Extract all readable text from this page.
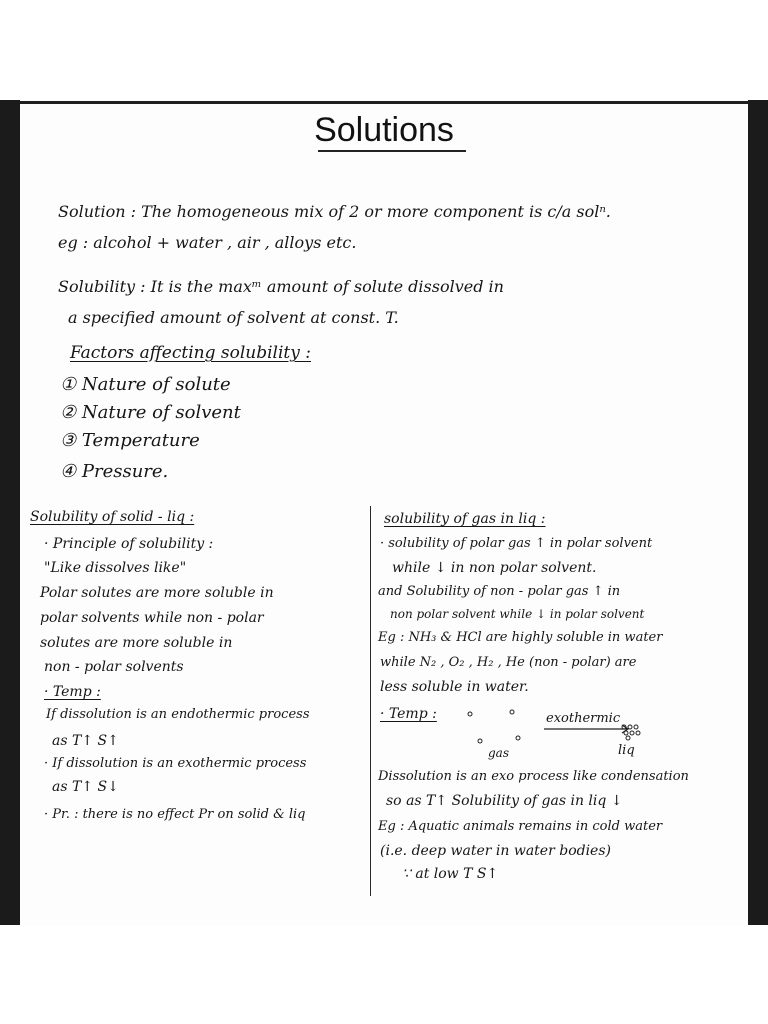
Solutions

Solution : The homogeneous mix of 2 or more component is c/a solⁿ.

eg : alcohol + water , air , alloys etc.

Solubility : It is the maxᵐ amount of solute dissolved in

a specified amount of solvent at const. T.

Factors affecting solubility :

① Nature of solute

② Nature of solvent

③ Temperature

④ Pressure.

Solubility of solid - liq :

· Principle of solubility :

"Like dissolves like"

Polar solutes are more soluble in

polar solvents while non - polar

solutes are more soluble in

non - polar solvents

· Temp :

If dissolution is an endothermic process

as T↑ S↑

· If dissolution is an exothermic process

as T↑ S↓

· Pr. : there is no effect Pr on solid & liq

solubility of gas in liq :

· solubility of polar gas ↑ in polar solvent

while ↓ in non polar solvent.

and Solubility of non - polar gas ↑ in

non polar solvent while ↓ in polar solvent

Eg : NH₃ & HCl are highly soluble in water

while N₂ , O₂ , H₂ , He (non - polar) are

less soluble in water.

· Temp :	exothermic

gas	liq

Dissolution is an exo process like condensation

so as T↑ Solubility of gas in liq ↓

Eg : Aquatic animals remains in cold water

(i.e. deep water in water bodies)

∵ at low T S↑
